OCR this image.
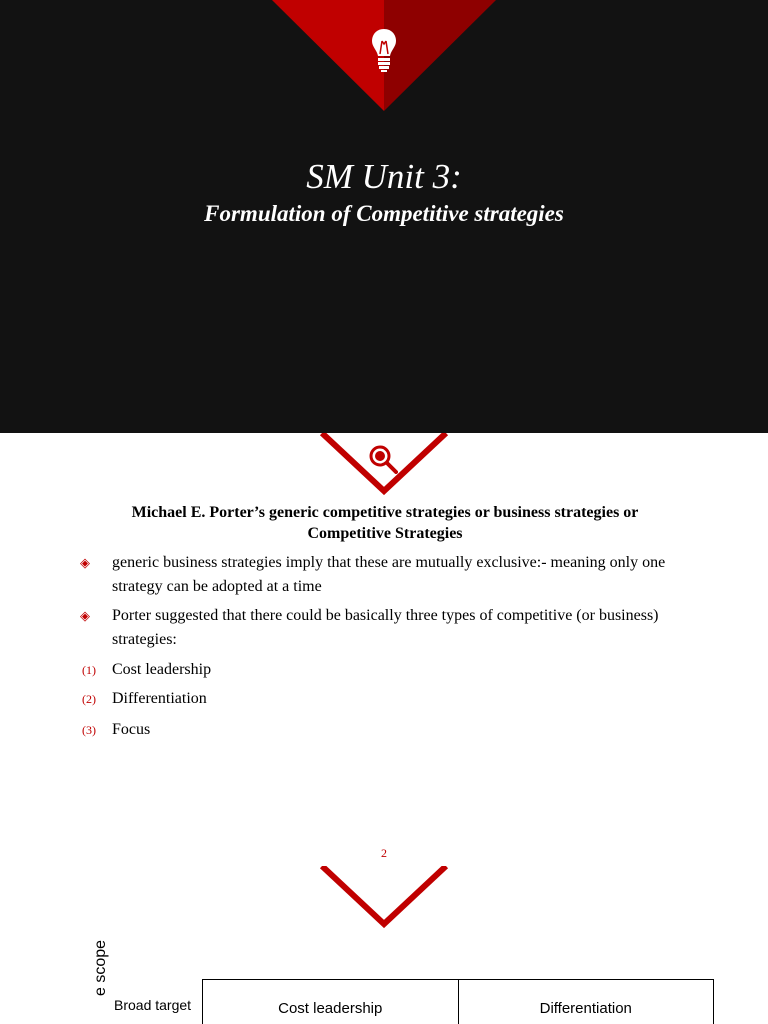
SM Unit 3:
Formulation of Competitive strategies
Michael E. Porter’s generic competitive strategies or business strategies or Competitive Strategies
◈	generic business strategies imply that these are mutually exclusive:- meaning only one strategy can be adopted at a time
◈	Porter suggested that there could be basically three types of competitive (or business) strategies:
(1)	Cost leadership
(2)	Differentiation
(3)	Focus
2
e scope
Broad target	Cost leadership	Differentiation
